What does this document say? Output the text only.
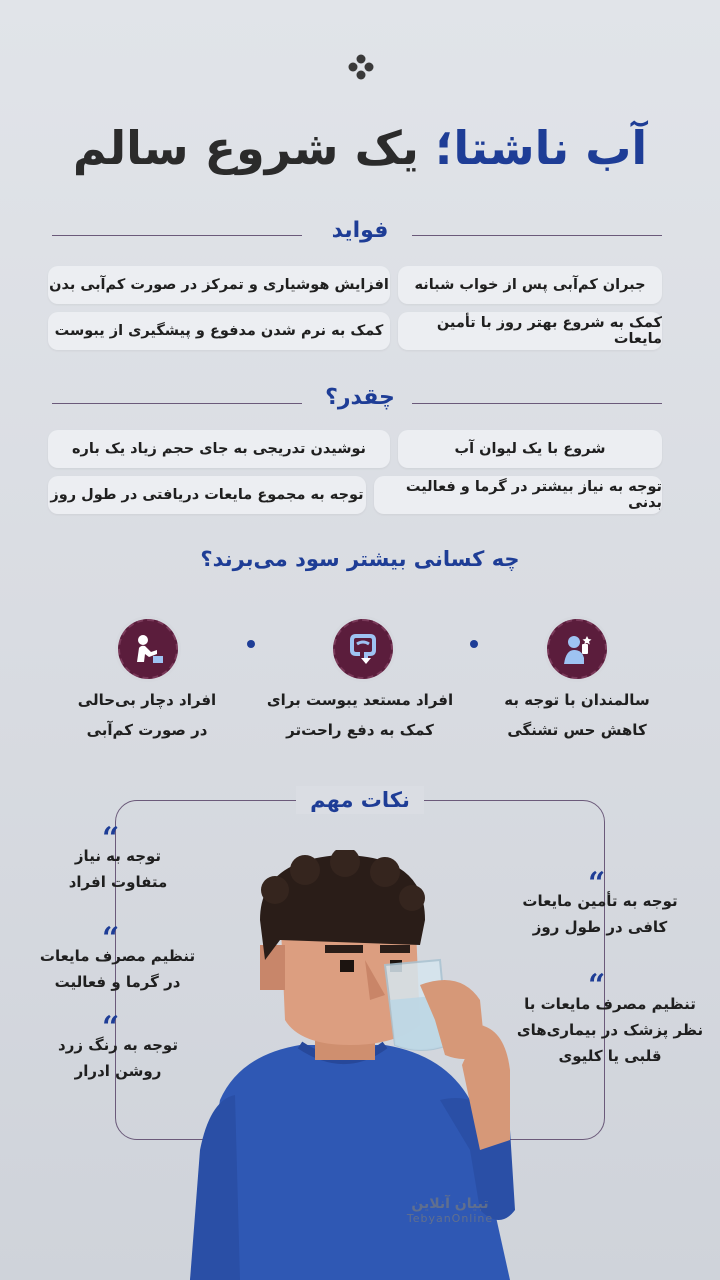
آب ناشتا؛ یک شروع سالم
فواید
جبران کم‌آبی پس از خواب شبانه
افزایش هوشیاری و تمرکز در صورت کم‌آبی بدن
کمک به شروع بهتر روز با تأمین مایعات
کمک به نرم شدن مدفوع و پیشگیری از یبوست
چقدر؟
شروع با یک لیوان آب
نوشیدن تدریجی به جای حجم زیاد یک باره
توجه به نیاز بیشتر در گرما و فعالیت بدنی
توجه به مجموع مایعات دریافتی در طول روز
چه کسانی بیشتر سود می‌برند؟
سالمندان با توجه به
کاهش حس تشنگی
افراد مستعد یبوست برای
کمک به دفع راحت‌تر
افراد دچار بی‌حالی
در صورت کم‌آبی
نکات مهم
“
توجه به تأمین مایعات
کافی در طول روز
“
تنظیم مصرف مایعات با
نظر پزشک در بیماری‌های
قلبی یا کلیوی
“
توجه به نیاز
متفاوت افراد
“
تنظیم مصرف مایعات
در گرما و فعالیت
“
توجه به رنگ زرد
روشن ادرار
تبیان آنلاین
TebyanOnline
